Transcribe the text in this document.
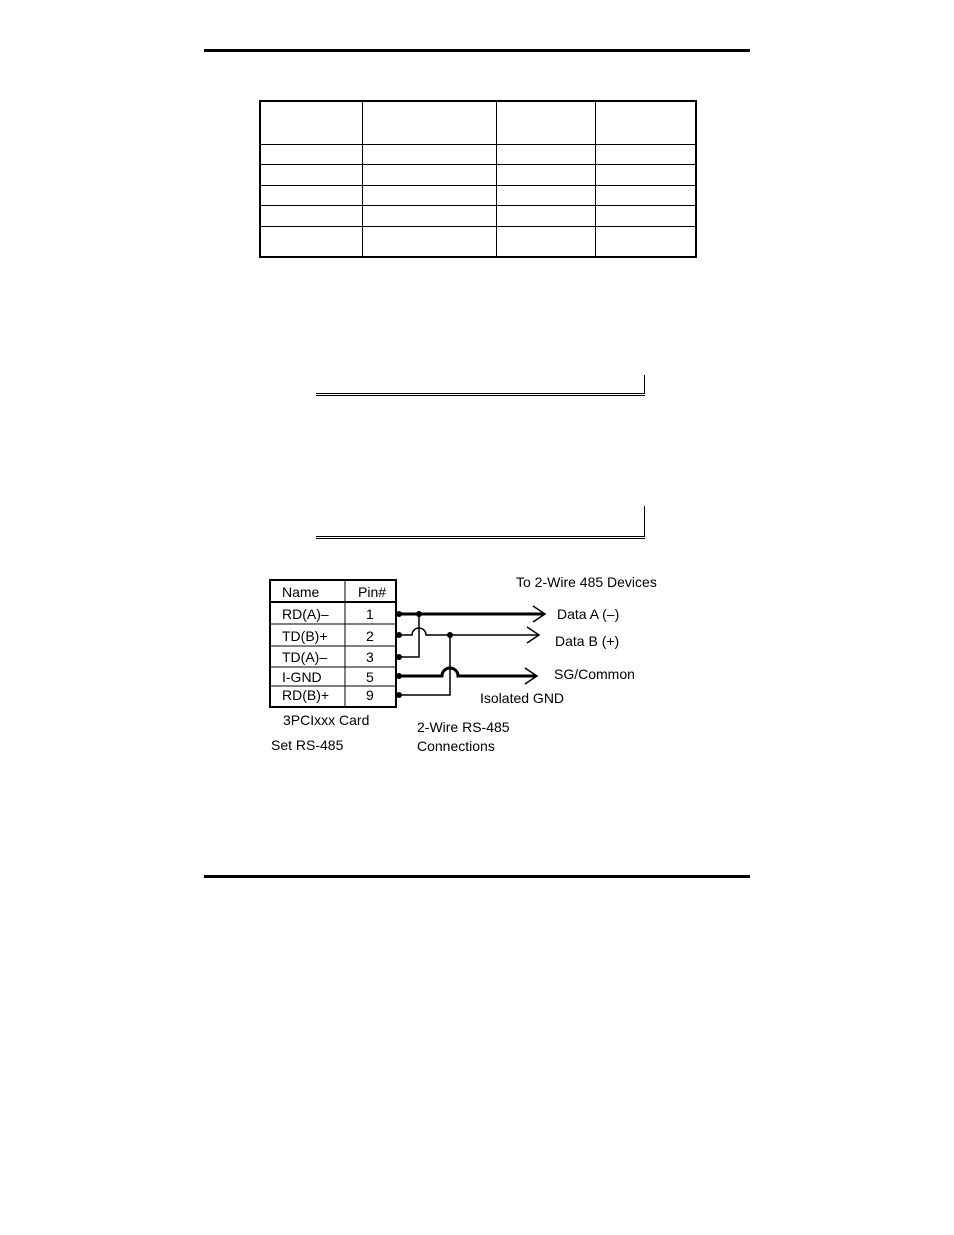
Name	Pin#
RD(A)–	1
TD(B)+	2
TD(A)–	3
I-GND	5
RD(B)+	9
To 2-Wire 485 Devices
Data A (–)
Data B (+)
SG/Common
Isolated GND
3PCIxxx Card
Set RS-485
2-Wire RS-485
Connections
